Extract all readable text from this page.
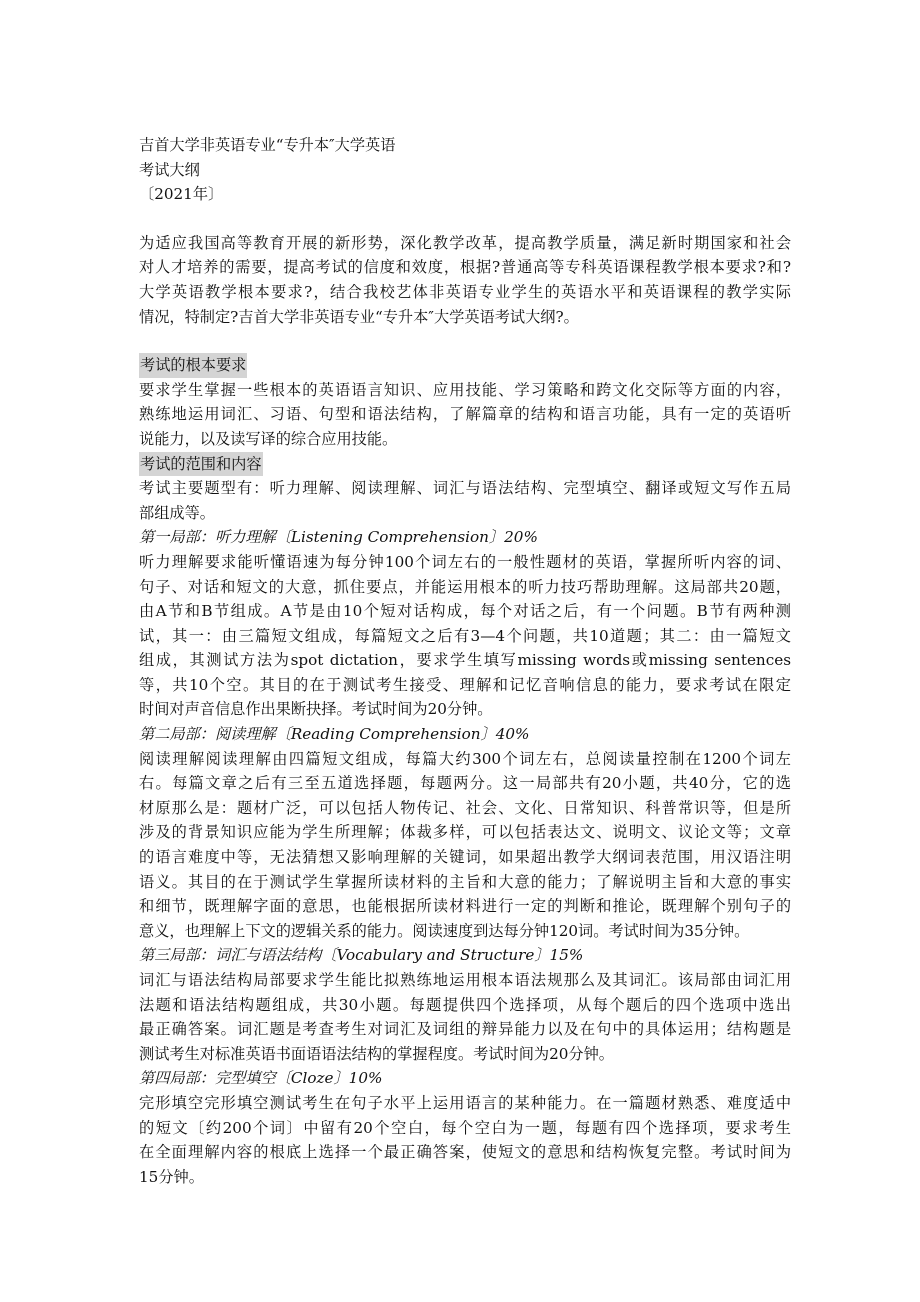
吉首大学非英语专业“专升本″大学英语
考试大纲
〔2021年〕
为适应我国高等教育开展的新形势，深化教学改革，提高教学质量，满足新时期国家和社会
对人才培养的需要，提高考试的信度和效度，根据?普通高等专科英语课程教学根本要求?和?
大学英语教学根本要求?，结合我校艺体非英语专业学生的英语水平和英语课程的教学实际
情况，特制定?吉首大学非英语专业“专升本″大学英语考试大纲?。
考试的根本要求
要求学生掌握一些根本的英语语言知识、应用技能、学习策略和跨文化交际等方面的内容，
熟练地运用词汇、习语、句型和语法结构，了解篇章的结构和语言功能，具有一定的英语听
说能力，以及读写译的综合应用技能。
考试的范围和内容
考试主要题型有：听力理解、阅读理解、词汇与语法结构、完型填空、翻译或短文写作五局
部组成等。
第一局部：听力理解〔Listening Comprehension〕20%
听力理解要求能听懂语速为每分钟100个词左右的一般性题材的英语，掌握所听内容的词、
句子、对话和短文的大意，抓住要点，并能运用根本的听力技巧帮助理解。这局部共20题，
由A节和B节组成。A节是由10个短对话构成，每个对话之后，有一个问题。B节有两种测
试，其一：由三篇短文组成，每篇短文之后有3—4个问题，共10道题；其二：由一篇短文
组成，其测试方法为spot dictation，要求学生填写missing words或missing sentences
等，共10个空。其目的在于测试考生接受、理解和记忆音响信息的能力，要求考试在限定
时间对声音信息作出果断抉择。考试时间为20分钟。
第二局部：阅读理解〔Reading Comprehension〕40%
阅读理解阅读理解由四篇短文组成，每篇大约300个词左右，总阅读量控制在1200个词左
右。每篇文章之后有三至五道选择题，每题两分。这一局部共有20小题，共40分，它的选
材原那么是：题材广泛，可以包括人物传记、社会、文化、日常知识、科普常识等，但是所
涉及的背景知识应能为学生所理解；体裁多样，可以包括表达文、说明文、议论文等；文章
的语言难度中等，无法猜想又影响理解的关键词，如果超出教学大纲词表范围，用汉语注明
语义。其目的在于测试学生掌握所读材料的主旨和大意的能力；了解说明主旨和大意的事实
和细节，既理解字面的意思，也能根据所读材料进行一定的判断和推论，既理解个别句子的
意义，也理解上下文的逻辑关系的能力。阅读速度到达每分钟120词。考试时间为35分钟。
第三局部：词汇与语法结构〔Vocabulary and Structure〕15%
词汇与语法结构局部要求学生能比拟熟练地运用根本语法规那么及其词汇。该局部由词汇用
法题和语法结构题组成，共30小题。每题提供四个选择项，从每个题后的四个选项中选出
最正确答案。词汇题是考查考生对词汇及词组的辩异能力以及在句中的具体运用；结构题是
测试考生对标准英语书面语语法结构的掌握程度。考试时间为20分钟。
第四局部：完型填空〔Cloze〕10%
完形填空完形填空测试考生在句子水平上运用语言的某种能力。在一篇题材熟悉、难度适中
的短文〔约200个词〕中留有20个空白，每个空白为一题，每题有四个选择项，要求考生
在全面理解内容的根底上选择一个最正确答案，使短文的意思和结构恢复完整。考试时间为
15分钟。
